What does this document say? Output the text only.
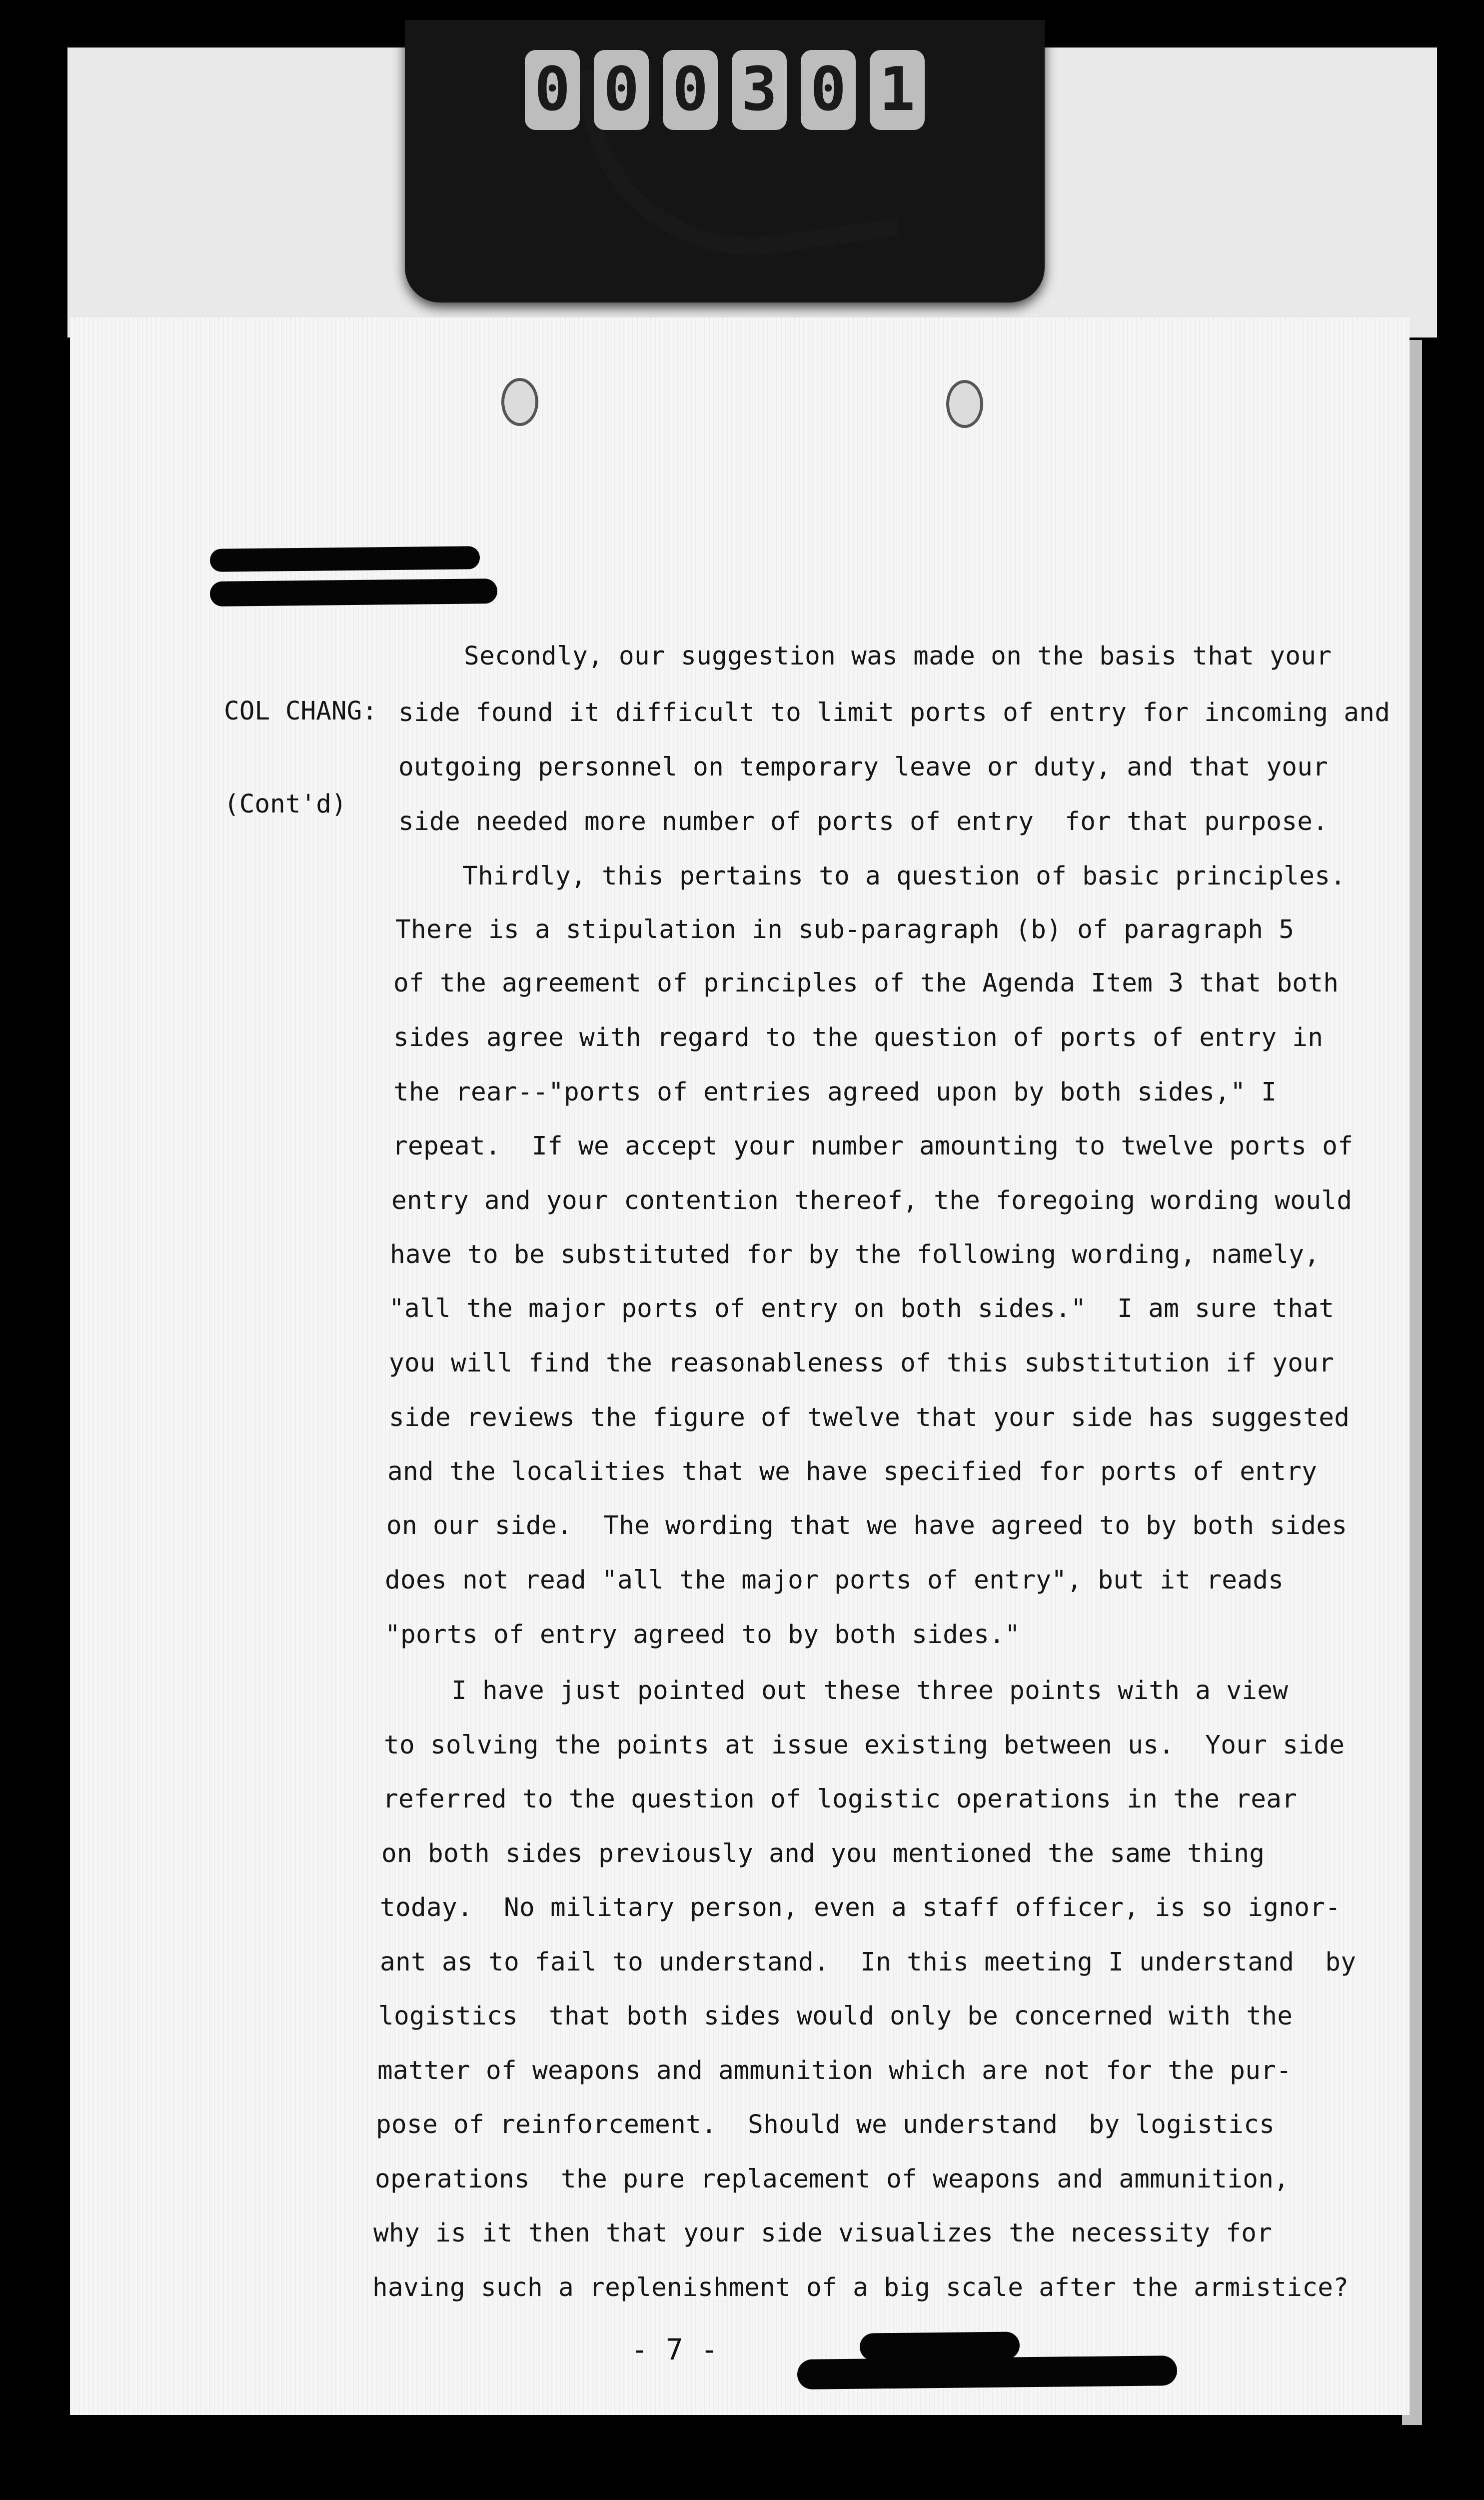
0 0 0 3 0 1

COL CHANG:

(Cont'd)

Secondly, our suggestion was made on the basis that your
side found it difficult to limit ports of entry for incoming and
outgoing personnel on temporary leave or duty, and that your
side needed more number of ports of entry  for that purpose.
Thirdly, this pertains to a question of basic principles.
There is a stipulation in sub-paragraph (b) of paragraph 5
of the agreement of principles of the Agenda Item 3 that both
sides agree with regard to the question of ports of entry in
the rear--"ports of entries agreed upon by both sides," I
repeat.  If we accept your number amounting to twelve ports of
entry and your contention thereof, the foregoing wording would
have to be substituted for by the following wording, namely,
"all the major ports of entry on both sides."  I am sure that
you will find the reasonableness of this substitution if your
side reviews the figure of twelve that your side has suggested
and the localities that we have specified for ports of entry
on our side.  The wording that we have agreed to by both sides
does not read "all the major ports of entry", but it reads
"ports of entry agreed to by both sides."
I have just pointed out these three points with a view
to solving the points at issue existing between us.  Your side
referred to the question of logistic operations in the rear
on both sides previously and you mentioned the same thing
today.  No military person, even a staff officer, is so ignor-
ant as to fail to understand.  In this meeting I understand  by
logistics  that both sides would only be concerned with the
matter of weapons and ammunition which are not for the pur-
pose of reinforcement.  Should we understand  by logistics
operations  the pure replacement of weapons and ammunition,
why is it then that your side visualizes the necessity for
having such a replenishment of a big scale after the armistice?
- 7 -
